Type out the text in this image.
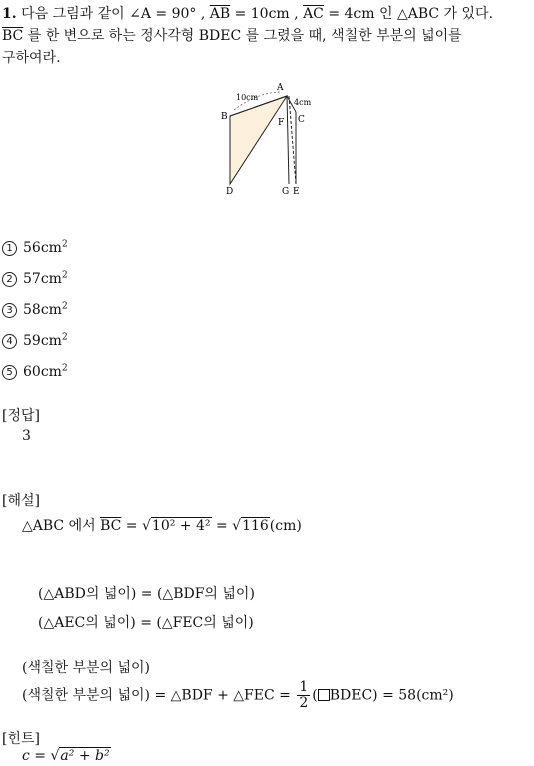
1. 다음 그림과 같이 ∠A = 90° , $\overline{AB} = 10cm$ , $\overline{AC} = 4cm$ 인 △ABC 가 있다.
$\overline{BC}$ 를 한 변으로 하는 정사각형 BDEC 를 그렸을 때, 색칠한 부분의 넓이를
구하여라.
A
B	C
D	E
F
G
10cm
4cm
1 $56cm^2$
2 $57cm^2$
3 $58cm^2$
4 $59cm^2$
5 $60cm^2$
[정답]
3
[해설]
△ABC 에서 $\overline{BC} = √10^2 + 4^2 = √116(cm)$
(△ABD의 넓이) = (△BDF의 넓이)
(△AEC의 넓이) = (△FEC의 넓이)
(색칠한 부분의 넓이)
(색칠한 부분의 넓이) = △BDF + △FEC = $\frac{1}{2}$ ( BDEC) = 58(cm²)
[힌트]
c = √a² + b²
